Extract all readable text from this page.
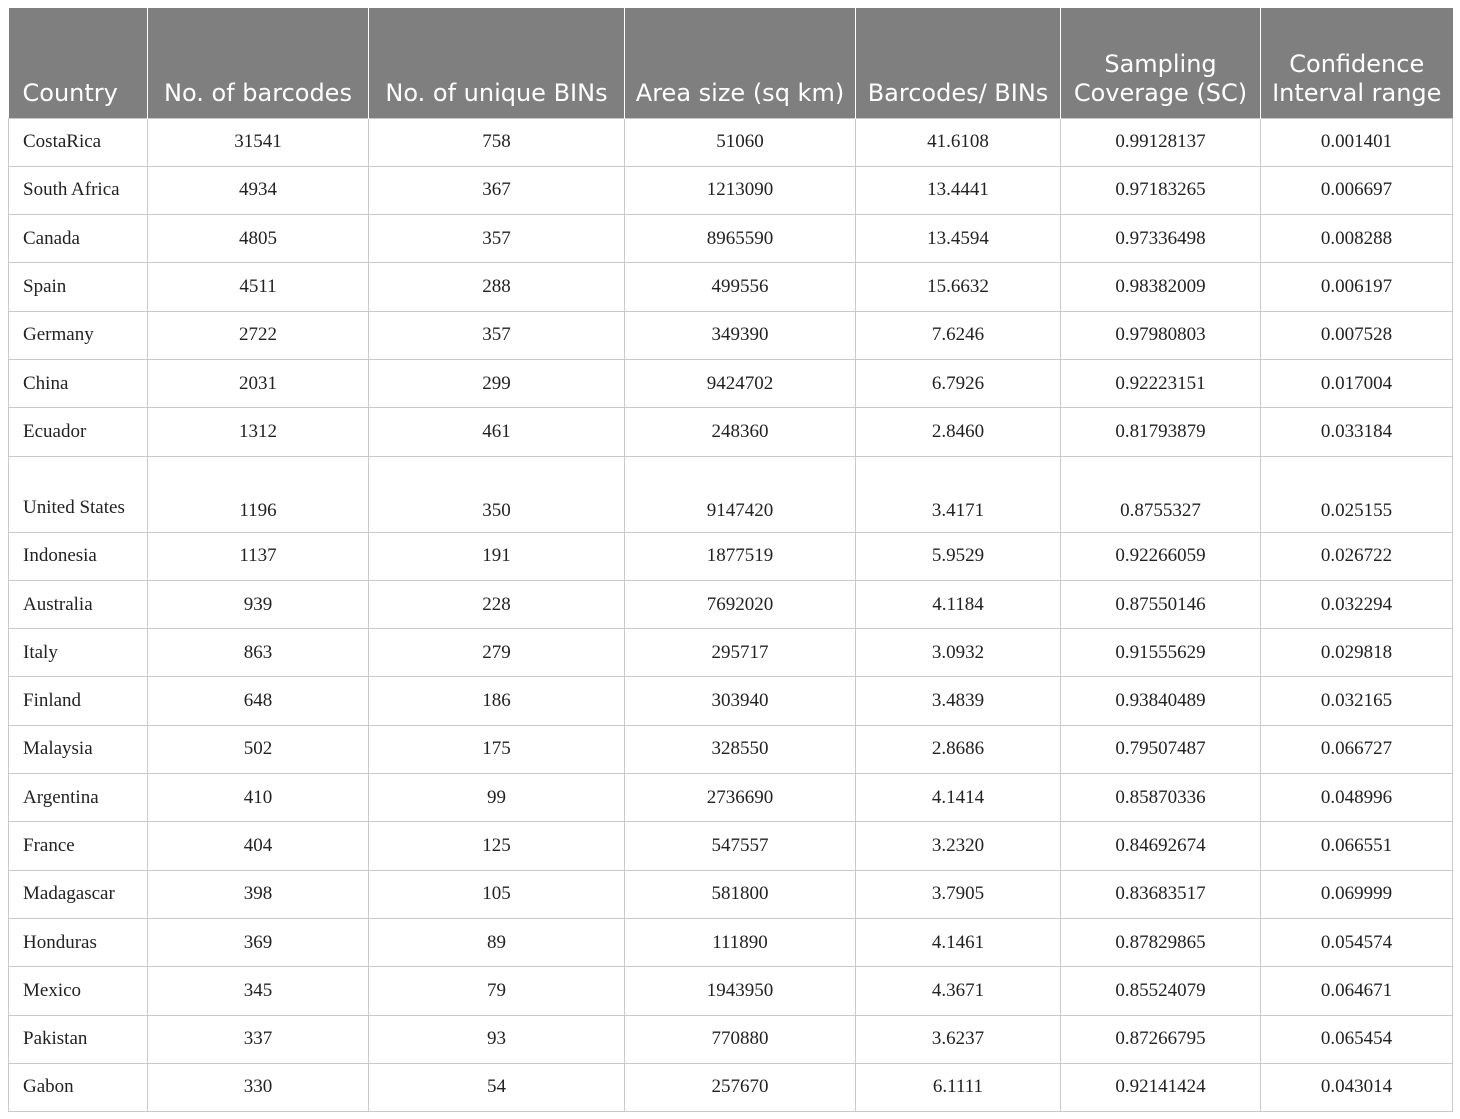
Country	No. of barcodes	No. of unique BINs	Area size (sq km)	Barcodes/ BINs	Sampling Coverage (SC)	Confidence Interval range
CostaRica	31541	758	51060	41.6108	0.99128137	0.001401
South Africa	4934	367	1213090	13.4441	0.97183265	0.006697
Canada	4805	357	8965590	13.4594	0.97336498	0.008288
Spain	4511	288	499556	15.6632	0.98382009	0.006197
Germany	2722	357	349390	7.6246	0.97980803	0.007528
China	2031	299	9424702	6.7926	0.92223151	0.017004
Ecuador	1312	461	248360	2.8460	0.81793879	0.033184
United States	1196	350	9147420	3.4171	0.8755327	0.025155
Indonesia	1137	191	1877519	5.9529	0.92266059	0.026722
Australia	939	228	7692020	4.1184	0.87550146	0.032294
Italy	863	279	295717	3.0932	0.91555629	0.029818
Finland	648	186	303940	3.4839	0.93840489	0.032165
Malaysia	502	175	328550	2.8686	0.79507487	0.066727
Argentina	410	99	2736690	4.1414	0.85870336	0.048996
France	404	125	547557	3.2320	0.84692674	0.066551
Madagascar	398	105	581800	3.7905	0.83683517	0.069999
Honduras	369	89	111890	4.1461	0.87829865	0.054574
Mexico	345	79	1943950	4.3671	0.85524079	0.064671
Pakistan	337	93	770880	3.6237	0.87266795	0.065454
Gabon	330	54	257670	6.1111	0.92141424	0.043014
